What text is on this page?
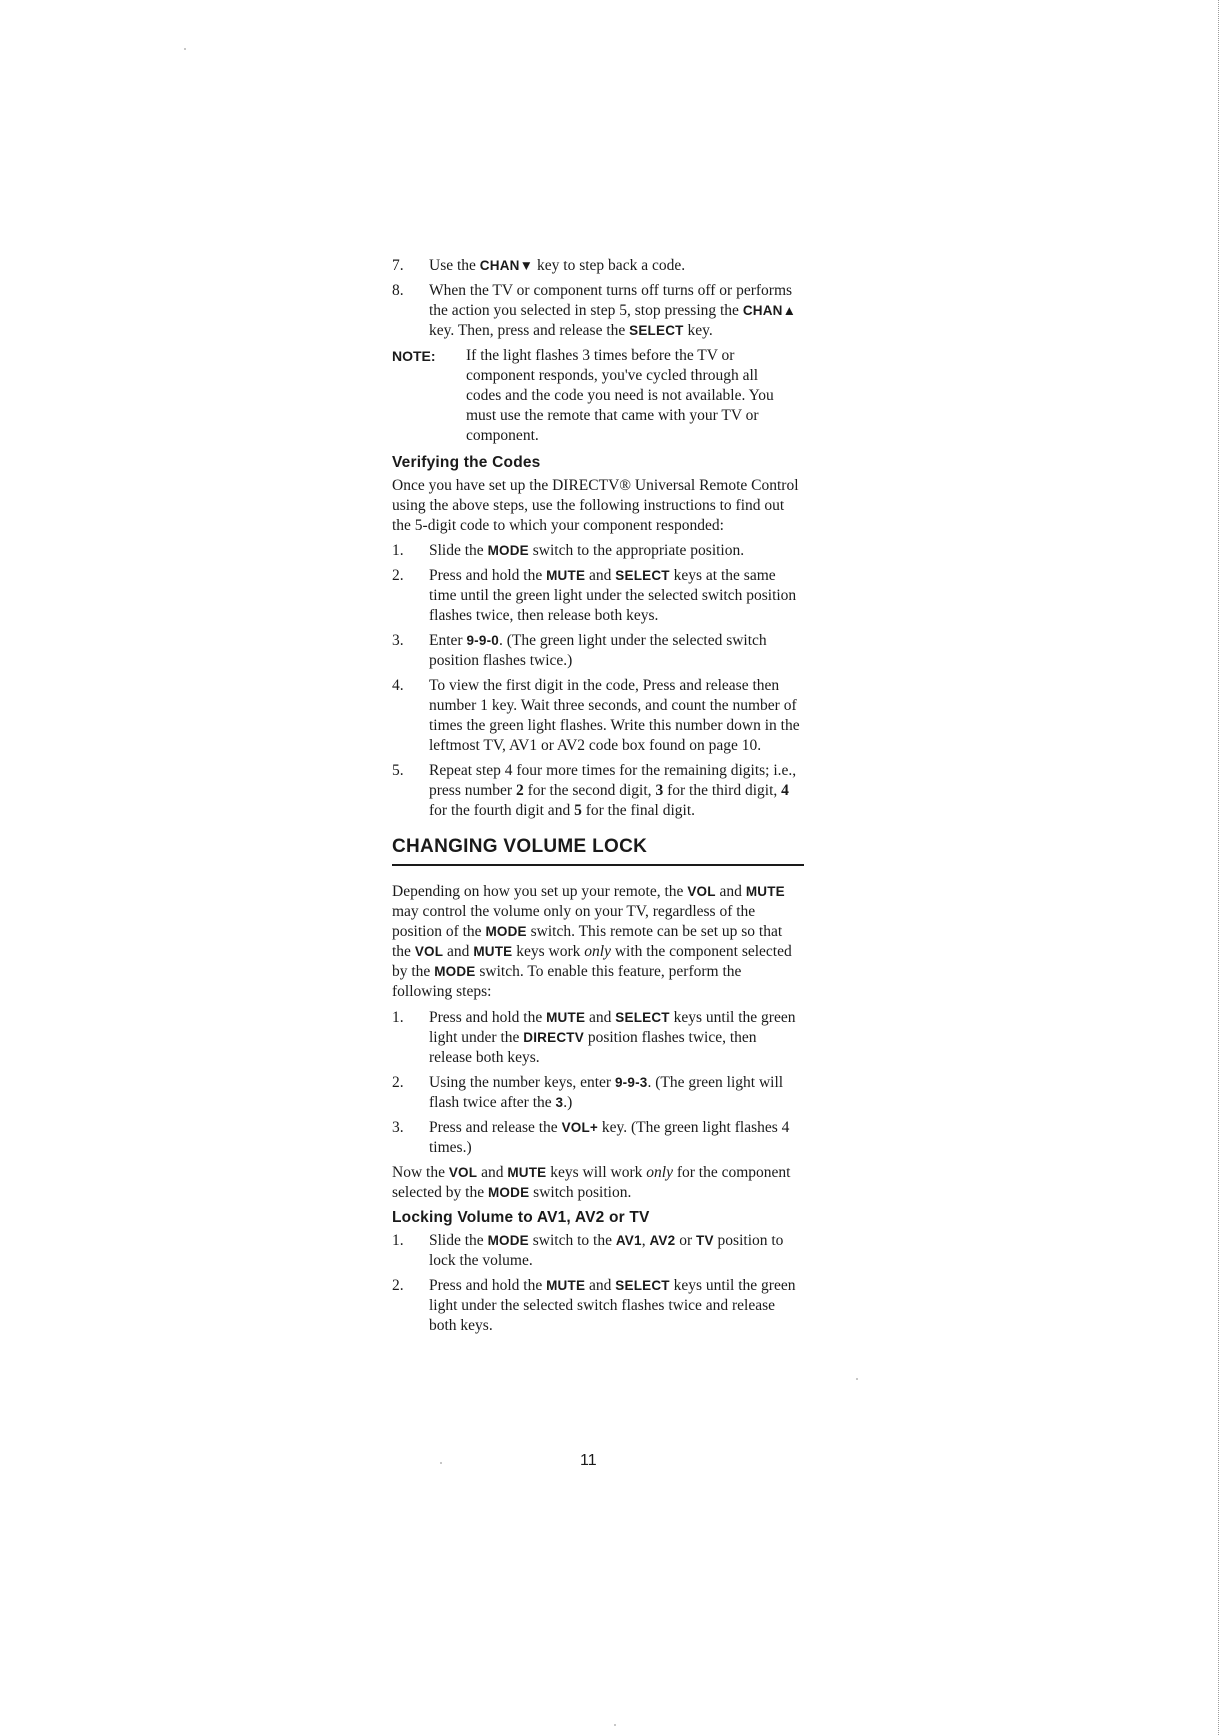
7.	Use the CHAN▼ key to step back a code.
8.	When the TV or component turns off turns off or performs the action you selected in step 5, stop pressing the CHAN▲ key. Then, press and release the SELECT key.
NOTE:	If the light flashes 3 times before the TV or component responds, you've cycled through all codes and the code you need is not available. You must use the remote that came with your TV or component.
Verifying the Codes

Once you have set up the DIRECTV® Universal Remote Control using the above steps, use the following instructions to find out the 5-digit code to which your component responded:

1.	Slide the MODE switch to the appropriate position.
2.	Press and hold the MUTE and SELECT keys at the same time until the green light under the selected switch position flashes twice, then release both keys.
3.	Enter 9-9-0. (The green light under the selected switch position flashes twice.)
4.	To view the first digit in the code, Press and release then number 1 key. Wait three seconds, and count the number of times the green light flashes. Write this number down in the leftmost TV, AV1 or AV2 code box found on page 10.
5.	Repeat step 4 four more times for the remaining digits; i.e., press number 2 for the second digit, 3 for the third digit, 4 for the fourth digit and 5 for the final digit.
CHANGING VOLUME LOCK

Depending on how you set up your remote, the VOL and MUTE may control the volume only on your TV, regardless of the position of the MODE switch. This remote can be set up so that the VOL and MUTE keys work only with the component selected by the MODE switch. To enable this feature, perform the following steps:

1.	Press and hold the MUTE and SELECT keys until the green light under the DIRECTV position flashes twice, then release both keys.
2.	Using the number keys, enter 9-9-3. (The green light will flash twice after the 3.)
3.	Press and release the VOL+ key. (The green light flashes 4 times.)

Now the VOL and MUTE keys will work only for the component selected by the MODE switch position.

Locking Volume to AV1, AV2 or TV
1.	Slide the MODE switch to the AV1, AV2 or TV position to lock the volume.
2.	Press and hold the MUTE and SELECT keys until the green light under the selected switch flashes twice and release both keys.
11
